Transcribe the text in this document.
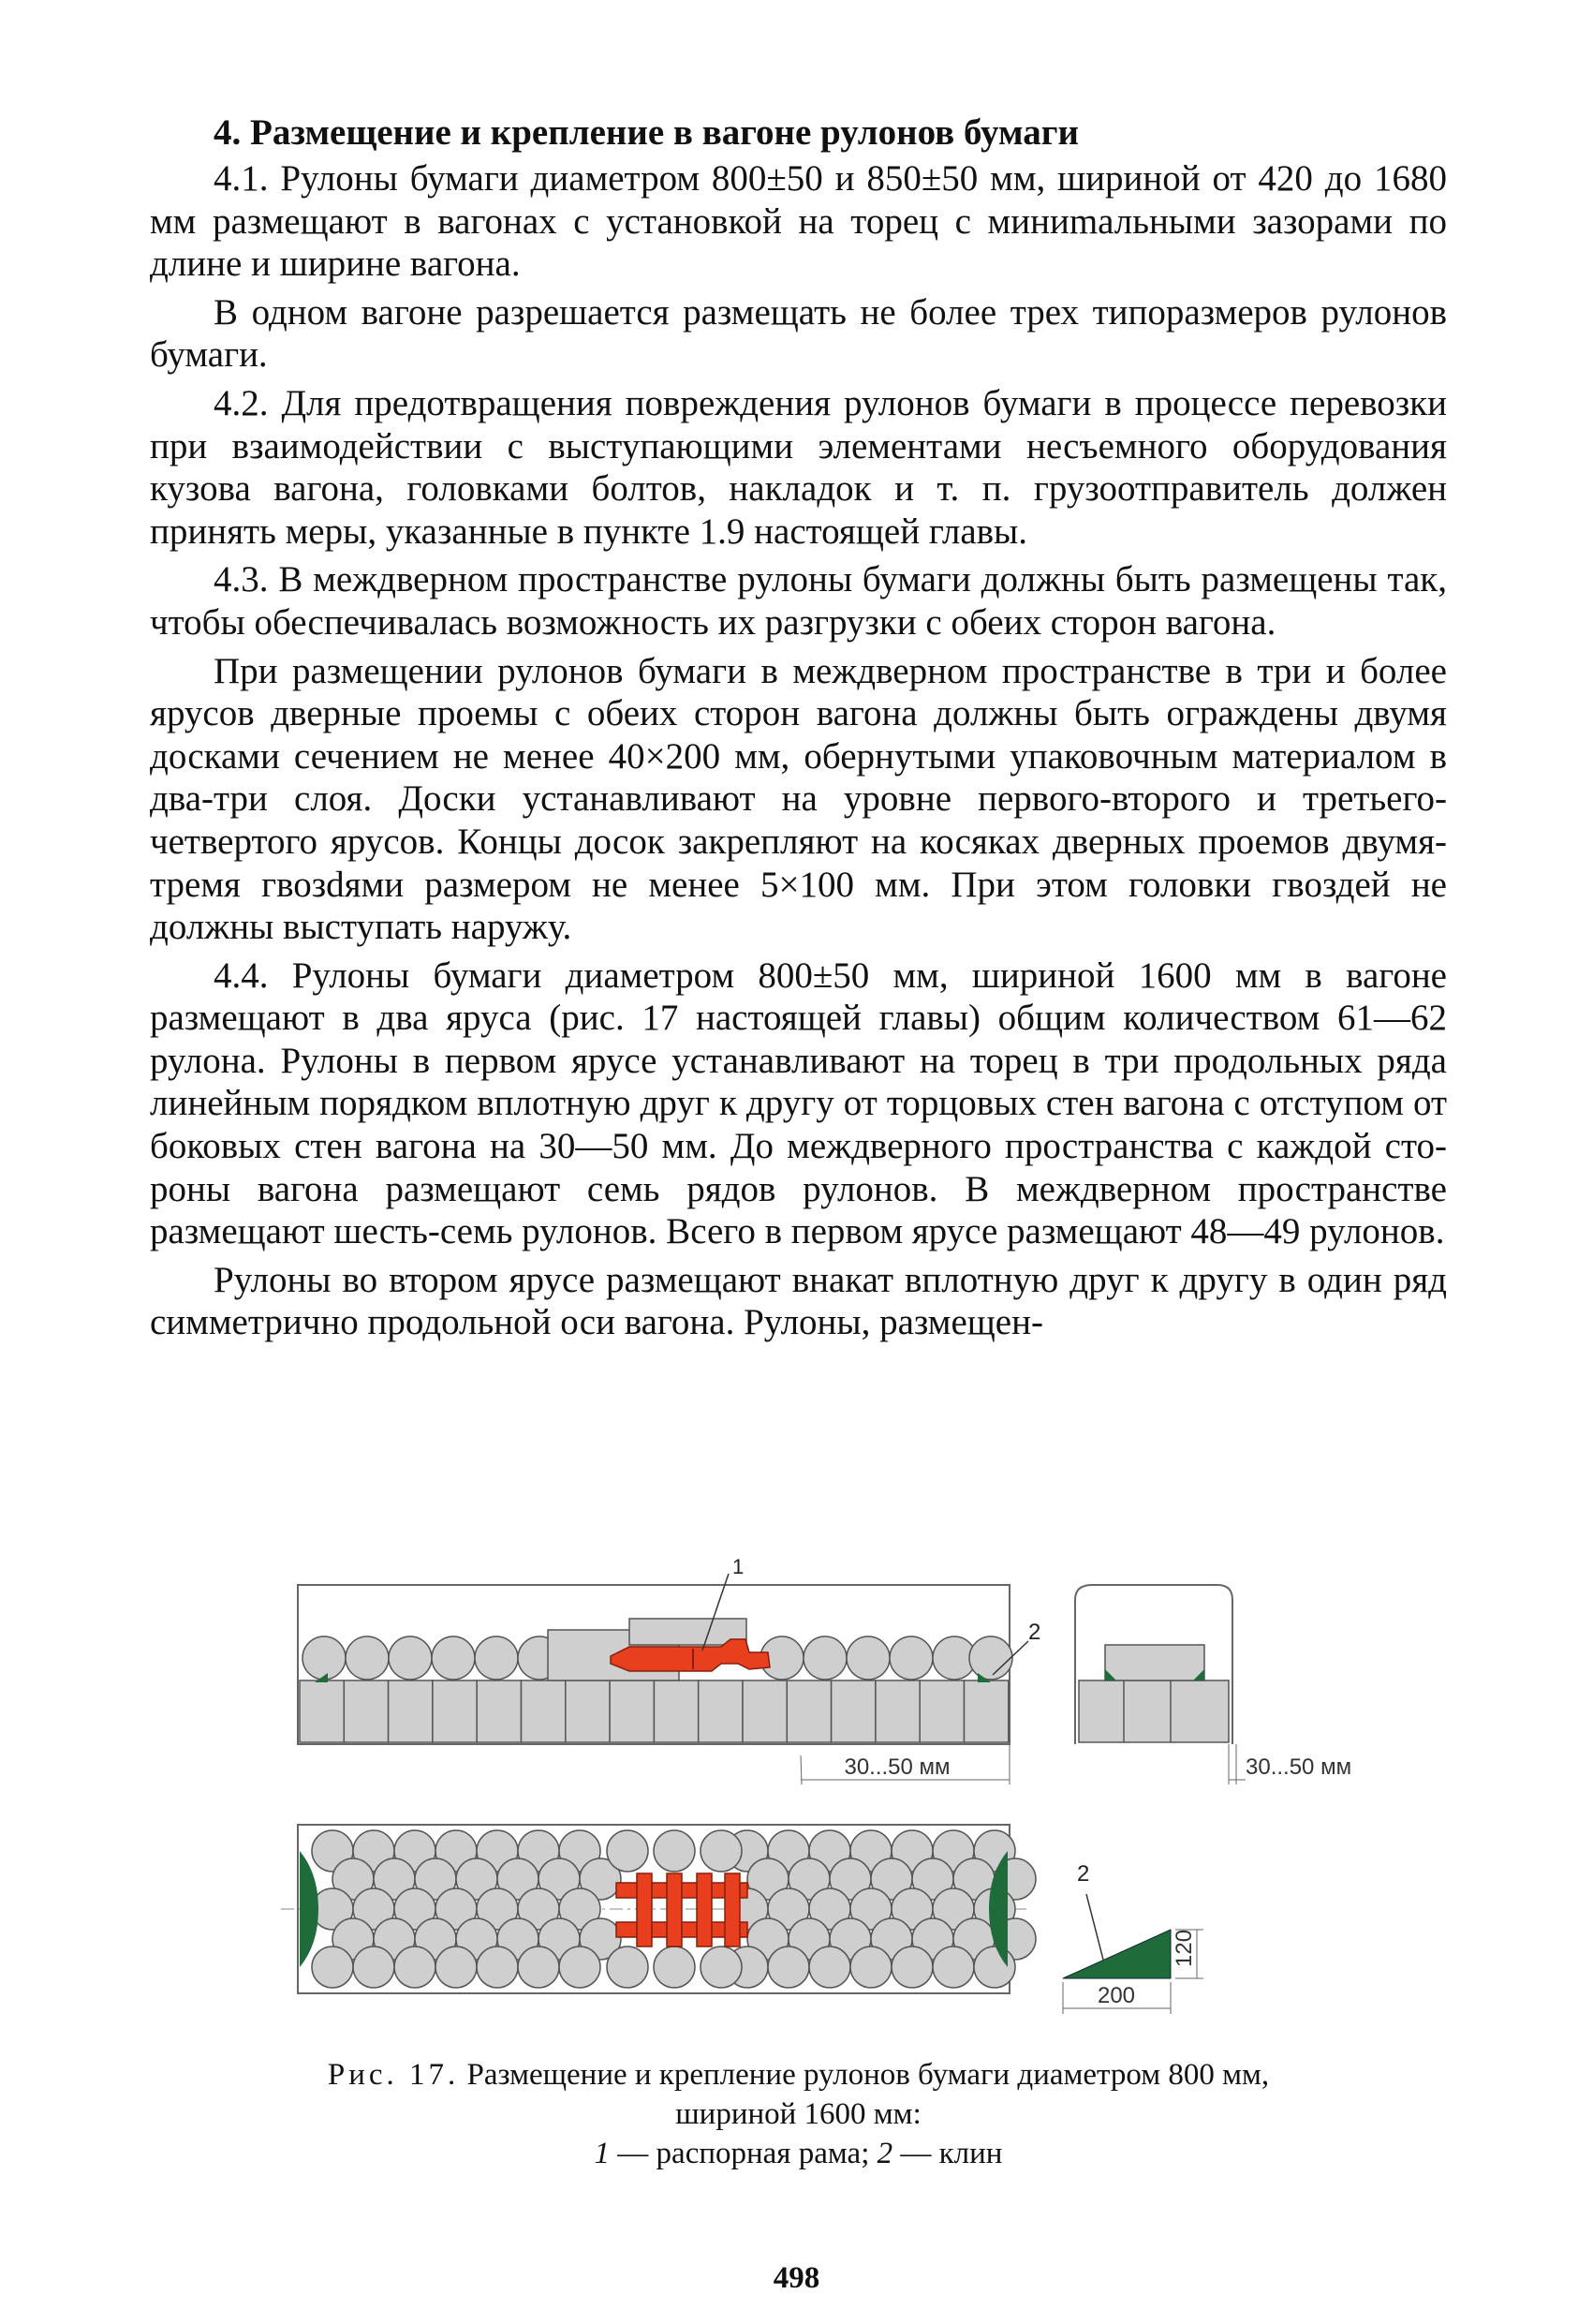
4. Размещение и крепление в вагоне рулонов бумаги

4.1. Рулоны бумаги диаметром 800±50 и 850±50 мм, шириной от 420 до 1680 мм размещают в вагонах с установкой на торец с миниmальными зазорами по длине и ширине вагона.

В одном вагоне разрешается размещать не более трех типоразмеров рулонов бумаги.

4.2. Для предотвращения повреждения рулонов бумаги в процессе перевозки при взаимодействии с выступающими элементами несъемного оборудования кузова вагона, головками болтов, накладок и т. п. грузоотправитель должен принять меры, указанные в пункте 1.9 настоящей главы.

4.3. В междверном пространстве рулоны бумаги должны быть размещены так, чтобы обеспечивалась возможность их разгрузки с обеих сторон вагона.

При размещении рулонов бумаги в междверном пространстве в три и более ярусов дверные проемы с обеих сторон вагона должны быть ограждены двумя досками сечением не менее 40×200 мм, обернутыми упаковочным материалом в два-три слоя. Доски устанавливают на уровне первого-второго и третьего-четвертого ярусов. Концы досок закрепляют на косяках дверных проемов двумя-тремя гвозdями размером не менее 5×100 мм. При этом головки гвоздей не должны выступать наружу.

4.4. Рулоны бумаги диаметром 800±50 мм, шириной 1600 мм в вагоне размещают в два яруса (рис. 17 настоящей главы) общим количеством 61—62 рулона. Рулоны в первом ярусе устанавливают на торец в три продольных ряда линейным порядком вплотную друг к другу от торцовых стен вагона с отступом от боковых стен вагона на 30—50 мм. До междверного пространства с каждой стороны вагона размещают семь рядов рулонов. В междверном пространстве размещают шесть-семь рулонов. Всего в первом ярусе размещают 48—49 рулонов.

Рулоны во втором ярусе размещают внакат вплотную друг к другу в один ряд симметрично продольной оси вагона. Рулоны, размещен-

1
2
30...50 мм	30...50 мм
2
120
200
Рис. 17. Размещение и крепление рулонов бумаги диаметром 800 мм,
шириной 1600 мм:
1 — распорная рама; 2 — клин
498
